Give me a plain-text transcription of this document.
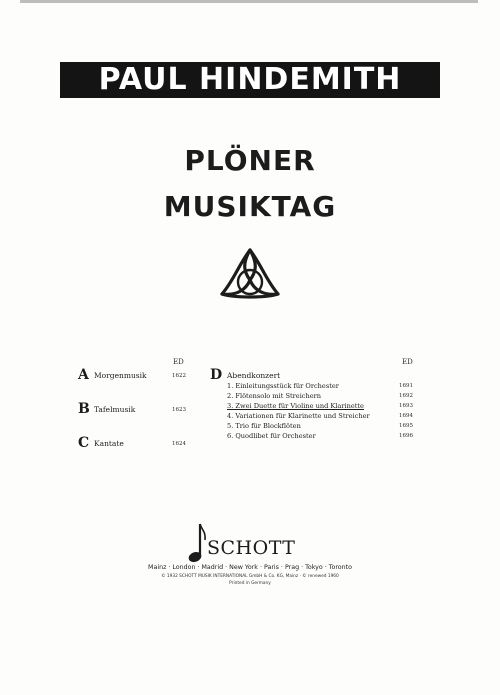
PAUL HINDEMITH
PLÖNER
MUSIKTAG
ED	ED
A Morgenmusik	1622
B Tafelmusik	1623
C Kantate	1624
D Abendkonzert
1. Einleitungsstück für Orchester	1691
2. Flötensolo mit Streichern	1692
3. Zwei Duette für Violine und Klarinette	1693
4. Variationen für Klarinette und Streicher	1694
5. Trio für Blockflöten	1695
6. Quodlibet für Orchester	1696
SCHOTT
Mainz · London · Madrid · New York · Paris · Prag · Tokyo · Toronto
© 1932 SCHOTT MUSIK INTERNATIONAL GmbH & Co. KG, Mainz · © renewed 1960
Printed in Germany
